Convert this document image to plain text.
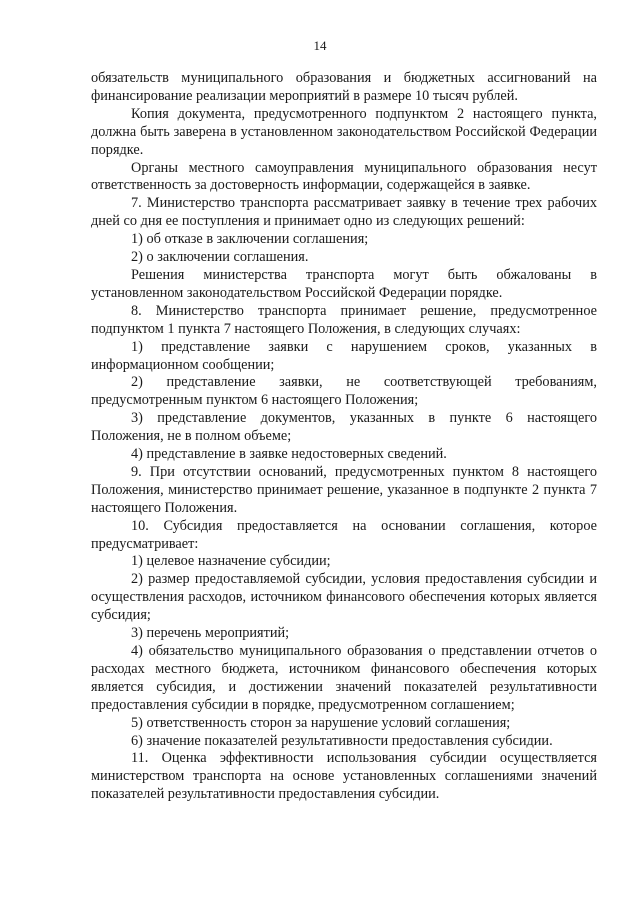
14

обязательств муниципального образования и бюджетных ассигнований на финансирование реализации мероприятий в размере 10 тысяч рублей.

Копия документа, предусмотренного подпунктом 2 настоящего пункта, должна быть заверена в установленном законодательством Российской Федерации порядке.

Органы местного самоуправления муниципального образования несут ответственность за достоверность информации, содержащейся в заявке.

7. Министерство транспорта рассматривает заявку в течение трех рабочих дней со дня ее поступления и принимает одно из следующих решений:

1) об отказе в заключении соглашения;

2) о заключении соглашения.

Решения министерства транспорта могут быть обжалованы в установленном законодательством Российской Федерации порядке.

8. Министерство транспорта принимает решение, предусмотренное подпунктом 1 пункта 7 настоящего Положения, в следующих случаях:

1) представление заявки с нарушением сроков, указанных в информационном сообщении;

2) представление заявки, не соответствующей требованиям, предусмотренным пунктом 6 настоящего Положения;

3) представление документов, указанных в пункте 6 настоящего Положения, не в полном объеме;

4) представление в заявке недостоверных сведений.

9. При отсутствии оснований, предусмотренных пунктом 8 настоящего Положения, министерство принимает решение, указанное в подпункте 2 пункта 7 настоящего Положения.

10. Субсидия предоставляется на основании соглашения, которое предусматривает:

1) целевое назначение субсидии;

2) размер предоставляемой субсидии, условия предоставления субсидии и осуществления расходов, источником финансового обеспечения которых является субсидия;

3) перечень мероприятий;

4) обязательство муниципального образования о представлении отчетов о расходах местного бюджета, источником финансового обеспечения которых является субсидия, и достижении значений показателей результативности предоставления субсидии в порядке, предусмотренном соглашением;

5) ответственность сторон за нарушение условий соглашения;

6) значение показателей результативности предоставления субсидии.

11. Оценка эффективности использования субсидии осуществляется министерством транспорта на основе установленных соглашениями значений показателей результативности предоставления субсидии.
